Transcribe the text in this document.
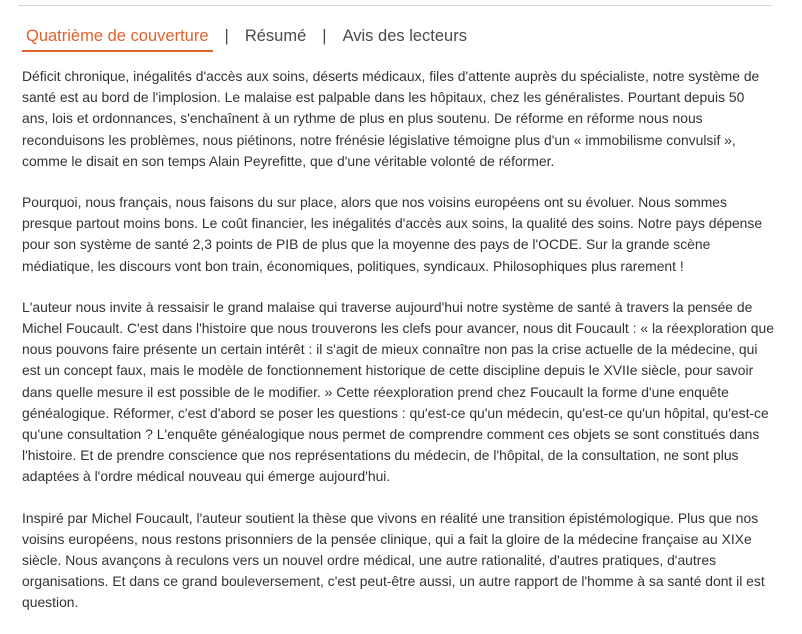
Quatrième de couverture | Résumé | Avis des lecteurs

Déficit chronique, inégalités d'accès aux soins, déserts médicaux, files d'attente auprès du spécialiste, notre système de santé est au bord de l'implosion. Le malaise est palpable dans les hôpitaux, chez les généralistes. Pourtant depuis 50 ans, lois et ordonnances, s'enchaînent à un rythme de plus en plus soutenu. De réforme en réforme nous nous reconduisons les problèmes, nous piétinons, notre frénésie législative témoigne plus d'un « immobilisme convulsif », comme le disait en son temps Alain Peyrefitte, que d'une véritable volonté de réformer.

Pourquoi, nous français, nous faisons du sur place, alors que nos voisins européens ont su évoluer. Nous sommes presque partout moins bons. Le coût financier, les inégalités d'accès aux soins, la qualité des soins. Notre pays dépense pour son système de santé 2,3 points de PIB de plus que la moyenne des pays de l'OCDE. Sur la grande scène médiatique, les discours vont bon train, économiques, politiques, syndicaux. Philosophiques plus rarement !

L'auteur nous invite à ressaisir le grand malaise qui traverse aujourd'hui notre système de santé à travers la pensée de Michel Foucault. C'est dans l'histoire que nous trouverons les clefs pour avancer, nous dit Foucault : « la réexploration que nous pouvons faire présente un certain intérêt : il s'agit de mieux connaître non pas la crise actuelle de la médecine, qui est un concept faux, mais le modèle de fonctionnement historique de cette discipline depuis le XVIIe siècle, pour savoir dans quelle mesure il est possible de le modifier. » Cette réexploration prend chez Foucault la forme d'une enquête généalogique. Réformer, c'est d'abord se poser les questions : qu'est-ce qu'un médecin, qu'est-ce qu'un hôpital, qu'est-ce qu'une consultation ? L'enquête généalogique nous permet de comprendre comment ces objets se sont constitués dans l'histoire. Et de prendre conscience que nos représentations du médecin, de l'hôpital, de la consultation, ne sont plus adaptées à l'ordre médical nouveau qui émerge aujourd'hui.

Inspiré par Michel Foucault, l'auteur soutient la thèse que vivons en réalité une transition épistémologique. Plus que nos voisins européens, nous restons prisonniers de la pensée clinique, qui a fait la gloire de la médecine française au XIXe siècle. Nous avançons à reculons vers un nouvel ordre médical, une autre rationalité, d'autres pratiques, d'autres organisations. Et dans ce grand bouleversement, c'est peut-être aussi, un autre rapport de l'homme à sa santé dont il est question.
